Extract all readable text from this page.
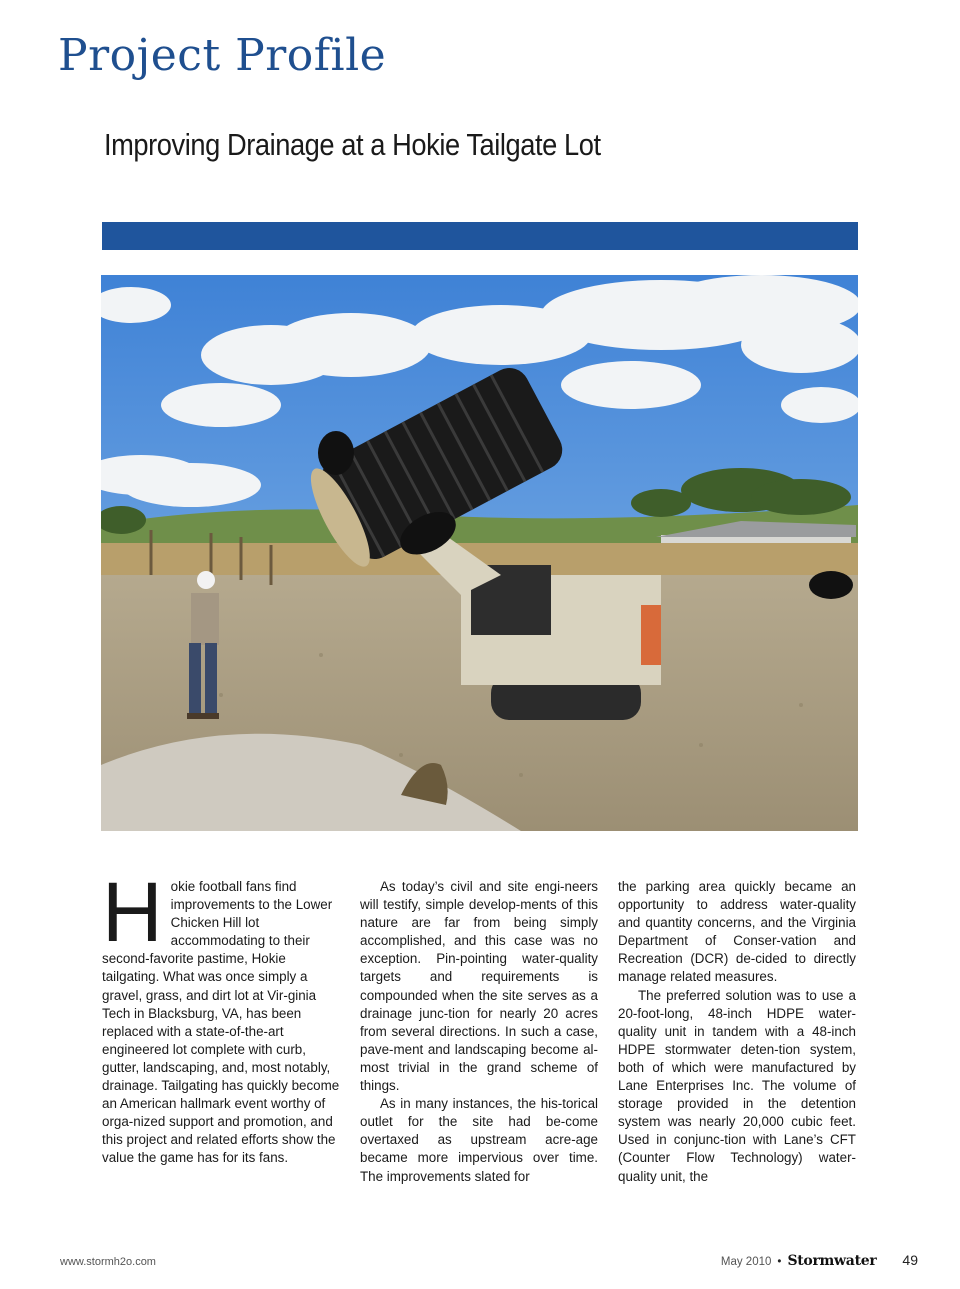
Project Profile
Improving Drainage at a Hokie Tailgate Lot

Hokie football fans find improvements to the Lower Chicken Hill lot accommodating to their second-favorite pastime, Hokie tailgating. What was once simply a gravel, grass, and dirt lot at Vir-ginia Tech in Blacksburg, VA, has been replaced with a state-of-the-art engineered lot complete with curb, gutter, landscaping, and, most notably, drainage. Tailgating has quickly become an American hallmark event worthy of orga-nized support and promotion, and this project and related efforts show the value the game has for its fans.

As today’s civil and site engi-neers will testify, simple develop-ments of this nature are far from being simply accomplished, and this case was no exception. Pin-pointing water-quality targets and requirements is compounded when the site serves as a drainage junc-tion for nearly 20 acres from several directions. In such a case, pave-ment and landscaping become al-most trivial in the grand scheme of things.

As in many instances, the his-torical outlet for the site had be-come overtaxed as upstream acre-age became more impervious over time. The improvements slated for

the parking area quickly became an opportunity to address water-quality and quantity concerns, and the Virginia Department of Conser-vation and Recreation (DCR) de-cided to directly manage related measures.

The preferred solution was to use a 20-foot-long, 48-inch HDPE water-quality unit in tandem with a 48-inch HDPE stormwater deten-tion system, both of which were manufactured by Lane Enterprises Inc. The volume of storage provided in the detention system was nearly 20,000 cubic feet. Used in conjunc-tion with Lane’s CFT (Counter Flow Technology) water-quality unit, the

www.stormh2o.com	May 2010 • Stormwater 49
